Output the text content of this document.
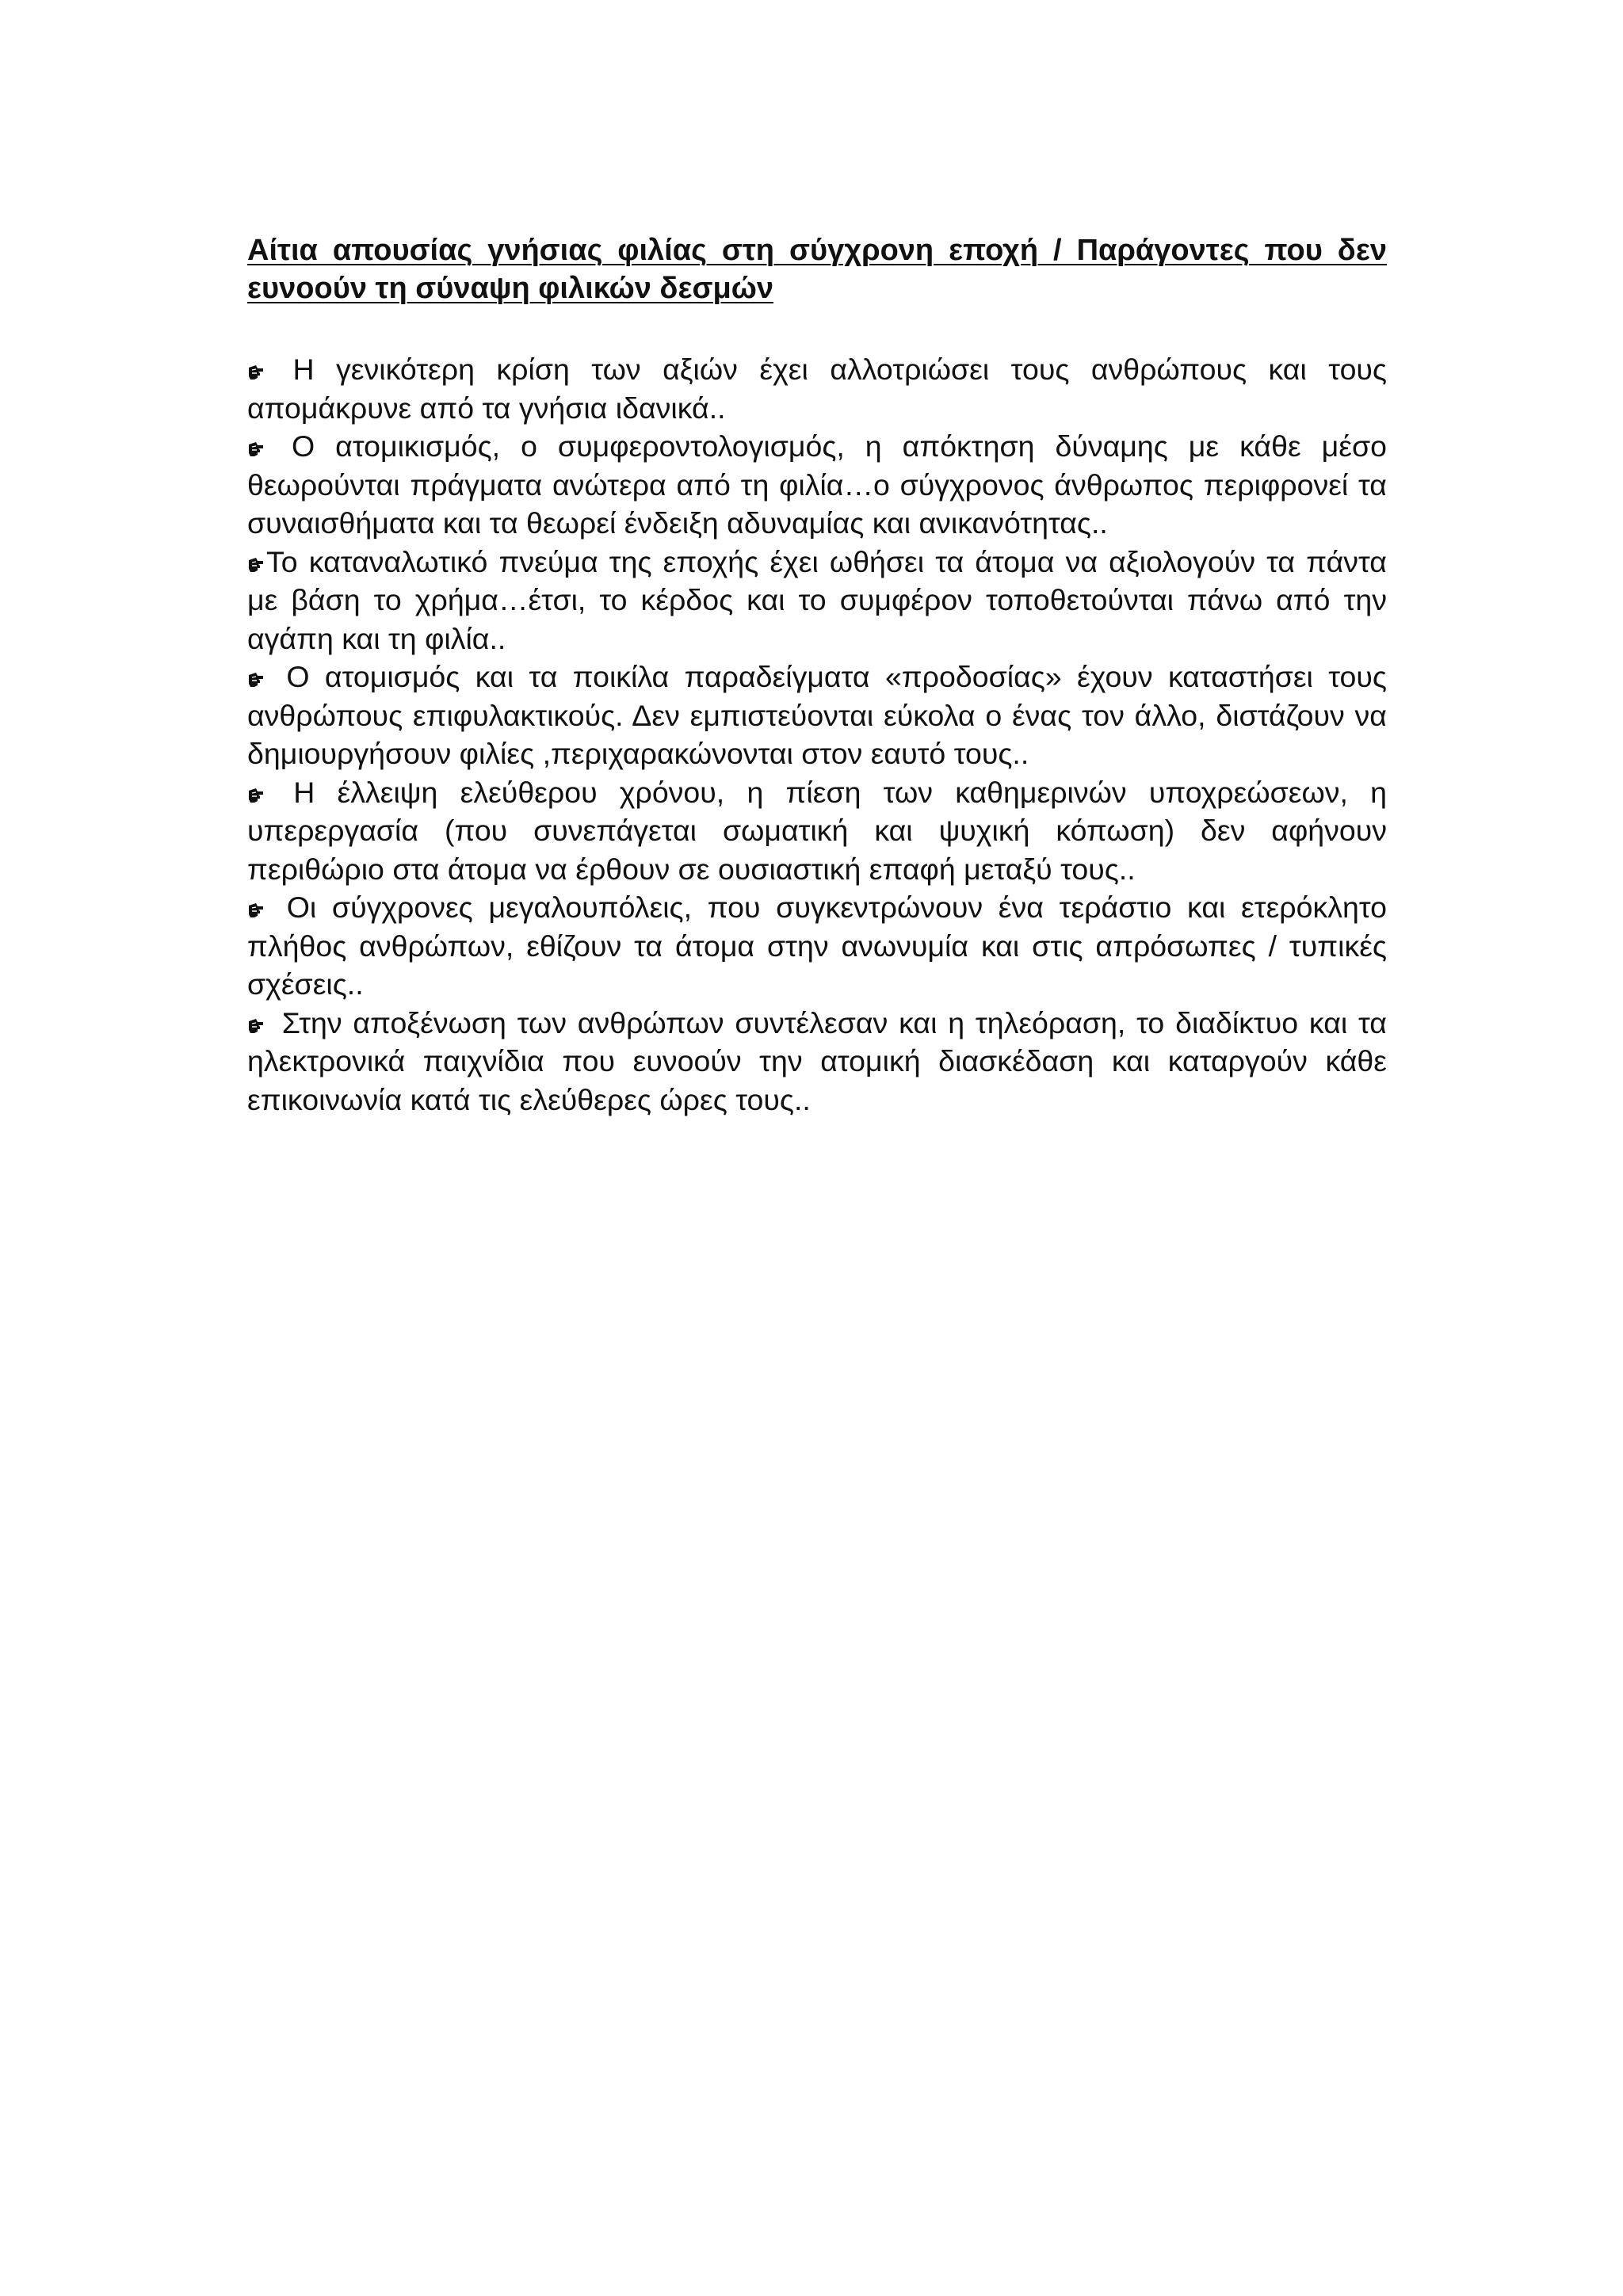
Αίτια απουσίας γνήσιας φιλίας στη σύγχρονη εποχή / Παράγοντες που δεν ευνοούν τη σύναψη φιλικών δεσμών
Η γενικότερη κρίση των αξιών έχει αλλοτριώσει τους ανθρώπους και τους απομάκρυνε από τα γνήσια ιδανικά..
Ο ατομικισμός, ο συμφεροντολογισμός, η απόκτηση δύναμης με κάθε μέσο θεωρούνται πράγματα ανώτερα από τη φιλία…ο σύγχρονος άνθρωπος περιφρονεί τα συναισθήματα και τα θεωρεί ένδειξη αδυναμίας και ανικανότητας..
Το καταναλωτικό πνεύμα της εποχής έχει ωθήσει τα άτομα να αξιολογούν τα πάντα με βάση το χρήμα…έτσι, το κέρδος και το συμφέρον τοποθετούνται πάνω από την αγάπη και τη φιλία..
Ο ατομισμός και τα ποικίλα παραδείγματα «προδοσίας» έχουν καταστήσει τους ανθρώπους επιφυλακτικούς. Δεν εμπιστεύονται εύκολα ο ένας τον άλλο, διστάζουν να δημιουργήσουν φιλίες ,περιχαρακώνονται στον εαυτό τους..
Η έλλειψη ελεύθερου χρόνου, η πίεση των καθημερινών υποχρεώσεων, η υπερεργασία (που συνεπάγεται σωματική και ψυχική κόπωση) δεν αφήνουν περιθώριο στα άτομα να έρθουν σε ουσιαστική επαφή μεταξύ τους..
Οι σύγχρονες μεγαλουπόλεις, που συγκεντρώνουν ένα τεράστιο και ετερόκλητο πλήθος ανθρώπων, εθίζουν τα άτομα στην ανωνυμία και στις απρόσωπες / τυπικές σχέσεις..
Στην αποξένωση των ανθρώπων συντέλεσαν και η τηλεόραση, το διαδίκτυο και τα ηλεκτρονικά παιχνίδια που ευνοούν την ατομική διασκέδαση και καταργούν κάθε επικοινωνία κατά τις ελεύθερες ώρες τους..
